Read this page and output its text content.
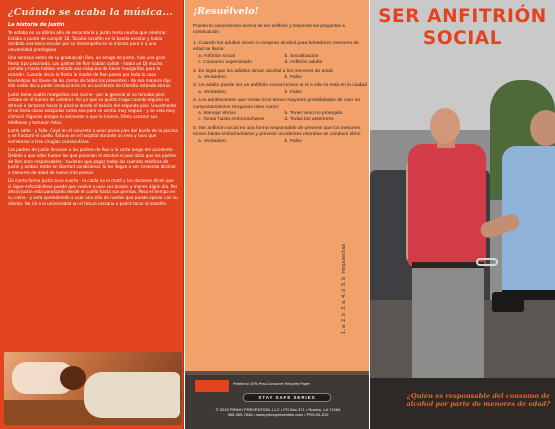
¿Cuándo se acaba la música...
La historia de Justin

Yo estaba en su último año de secundaria y Justin tenía mucho que celebrar. Estaba a punto de cumplir 18. Tocaba saxofón en la banda escolar y había recibido una beca escolar por su desempeño en la música para ir a una universidad prestigiosa.

Una semana antes de su graduación Ron, un amigo de Justin, hizo una gran fiesta tipo piscinada. Los padres de Ron habían salido - había un DJ mucho comida y hasta habían rentado una máquina de hacer margaritas para la ocasión. Cuando inicio la fiesta la madre de Ron paseo por toda la casa llevándose las llaves de los carros de todos los presentes - de esa manera dijo ella nadie iba a poder involucrarse en un accidente de tránsito estando ebrios.

Justin tomo cuatro margaritas esa noche - por lo general el no tomaba pero estaba en el humor de celebrar. Así ya que su quinto trago cuando alguien se atrevió a lanzarse hacia la piscina desde el balcón del segundo piso. Usualmente el no haría cosas estúpidas como esa pero se sentía muy seguro - y se veía muy cómico! Algunos amigos lo animaron a que lo hiciera. Otros sacaron sus teléfonos y tomaron fotos.

Justin salto - y fallo. Cayó en el concreto a unos pocos pies del borde de la piscina y se fracturó el cuello. Estuvo en el hospital durante un mes y tuvo que someterse a tres cirugías consecutivas.

Los padres de Justin llevaron a los padres de Ron a la corte luego del accidente. Debido a que ellos fueron los que proveían el alcohol el juez dicto que los padres de Ron eran responsables - tuvieron que pagar todas las cuentas médicas de Justin y ambos están en libertad condicional. Si los llegan a ver sirviendo alcohol a menores de edad de nuevo irán presos.

De cierta forma Justin tuvo suerte - la caída no lo mató y los doctores dicen que si sigue esforzándose puede que vuelva a usar sus brazos y manos algún día. Por ahora Justin está paralizado desde el cuello hasta sus piernas. Pasa el tiempo en su cama - y esta aprendiendo a usar una silla de ruedas que puede operar con su aliento. No irá a la universidad en el futuro cercano o podrá tocar el saxofón.

¡Resuélvelo!
Prueba tu conocimiento acerca de ser anfitrión y responde las preguntas a continuación.
1. Cuando los adultos sirven o compran alcohol para bebedores menores de edad se llama:
a. Anfitrión social	b. Socialización
c. Consumo supervisado	d. Anfitrión adulto
2. Es legal que los adultos sirvan alcohol a los menores de edad.
a. Verdadero	b. Falso
3. Un adulto puede ser un anfitrión social incluso si el o ella no está en la ciudad
a. Verdadero	b. Falso
4. Los adolescentes que toman licor tienen mayores posibilidades de caer en comportamientos riesgosos tales como:
a. Manejar ebrios	b. Tener sexo no protegido
c. Tomar hasta emborracharse	d. Todas las anteriores
5. Ser anfitrión social es una forma responsable de prevenir que los menores tomen hasta emborracharse y prevenir accidentes mientras se conduce ebrio
a. Verdadero	b. Falso
1.a 2.b 3.a 4.d 5.b respuestas
Printed on 30% Post-Consumer Recycled Paper
STAY SAFE SERIES
© 2018 PRIMO PREVENTION, LLC • PO Box 371 • Ruston, LA 71084
985-359-7848 • www.primoprevention.com • PSS-04-515
SER ANFITRIÓN
SOCIAL
¿Quién es responsable del consumo de alcohol por parte de menores de edad?
